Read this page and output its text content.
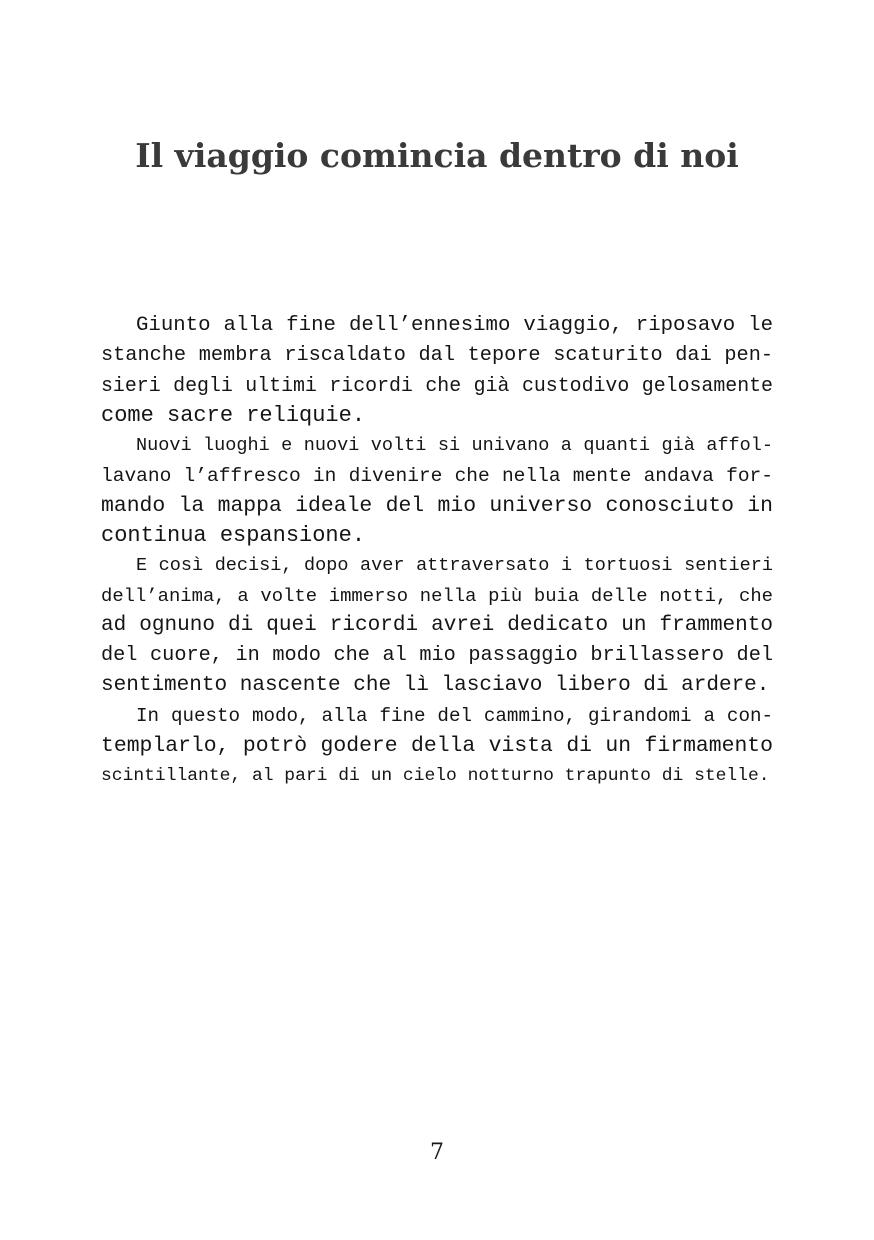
Il viaggio comincia dentro di noi
Giunto alla fine dell’ennesimo viaggio, riposavo le
stanche membra riscaldato dal tepore scaturito dai pen-
sieri degli ultimi ricordi che già custodivo gelosamente
come sacre reliquie.
Nuovi luoghi e nuovi volti si univano a quanti già affol-
lavano l’affresco in divenire che nella mente andava for-
mando la mappa ideale del mio universo conosciuto in
continua espansione.
E così decisi, dopo aver attraversato i tortuosi sentieri
dell’anima, a volte immerso nella più buia delle notti, che
ad ognuno di quei ricordi avrei dedicato un frammento
del cuore, in modo che al mio passaggio brillassero del
sentimento nascente che lì lasciavo libero di ardere.
In questo modo, alla fine del cammino, girandomi a con-
templarlo, potrò godere della vista di un firmamento
scintillante, al pari di un cielo notturno trapunto di stelle.
7
